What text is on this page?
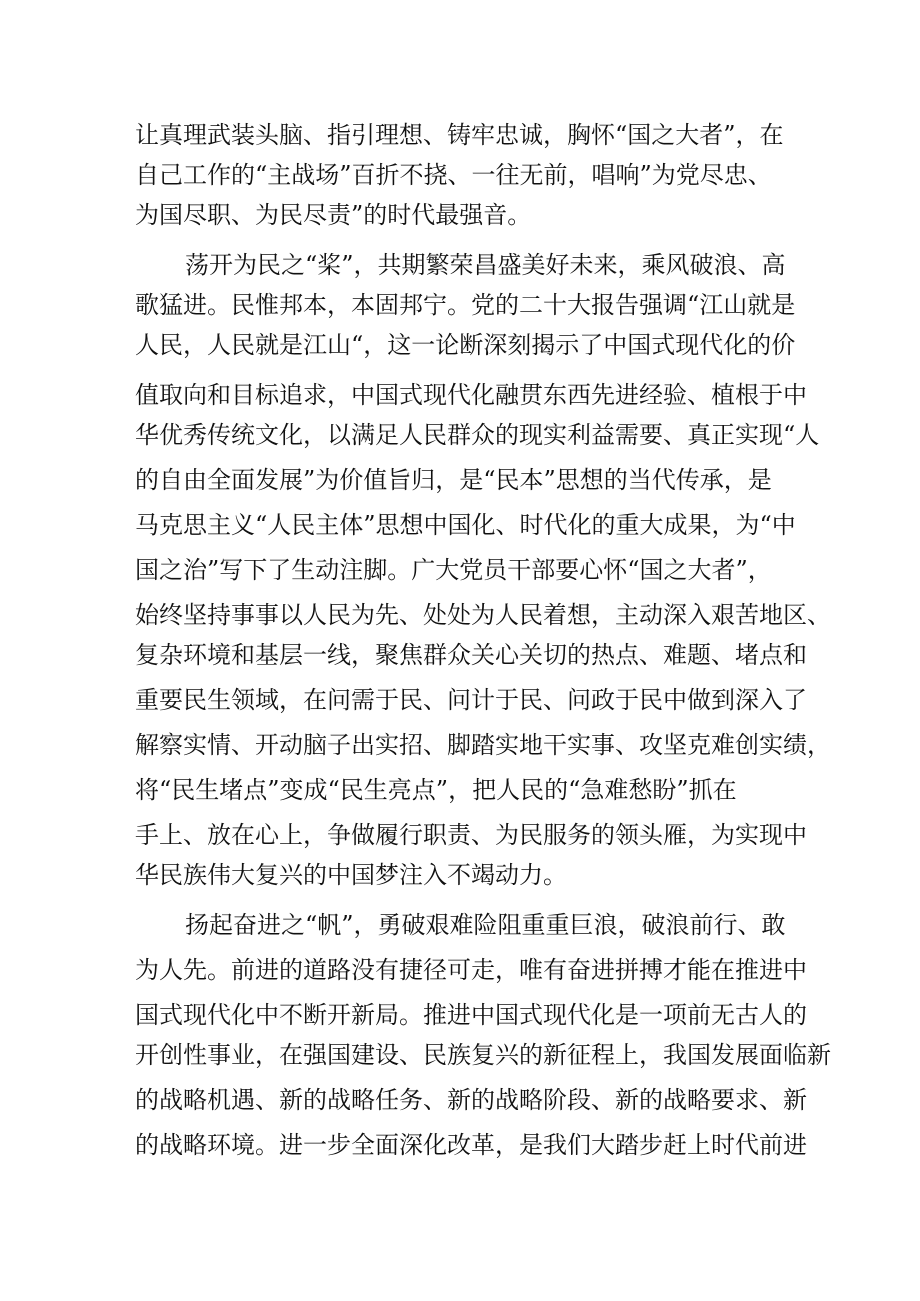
让真理武装头脑、指引理想、铸牢忠诚，胸怀“国之大者”，在

自己工作的“主战场”百折不挠、一往无前，唱响”为党尽忠、

为国尽职、为民尽责”的时代最强音。

荡开为民之“桨”，共期繁荣昌盛美好未来，乘风破浪、高

歌猛进。民惟邦本，本固邦宁。党的二十大报告强调“江山就是

人民，人民就是江山“，这一论断深刻揭示了中国式现代化的价

值取向和目标追求，中国式现代化融贯东西先进经验、植根于中

华优秀传统文化，以满足人民群众的现实利益需要、真正实现“人

的自由全面发展”为价值旨归，是“民本”思想的当代传承，是

马克思主义“人民主体”思想中国化、时代化的重大成果，为“中

国之治”写下了生动注脚。广大党员干部要心怀“国之大者”，

始终坚持事事以人民为先、处处为人民着想，主动深入艰苦地区、

复杂环境和基层一线，聚焦群众关心关切的热点、难题、堵点和

重要民生领域，在问需于民、问计于民、问政于民中做到深入了

解察实情、开动脑子出实招、脚踏实地干实事、攻坚克难创实绩，

将“民生堵点”变成“民生亮点”，把人民的“急难愁盼”抓在

手上、放在心上，争做履行职责、为民服务的领头雁，为实现中

华民族伟大复兴的中国梦注入不竭动力。

扬起奋进之“帆”，勇破艰难险阻重重巨浪，破浪前行、敢

为人先。前进的道路没有捷径可走，唯有奋进拼搏才能在推进中

国式现代化中不断开新局。推进中国式现代化是一项前无古人的

开创性事业，在强国建设、民族复兴的新征程上，我国发展面临新

的战略机遇、新的战略任务、新的战略阶段、新的战略要求、新

的战略环境。进一步全面深化改革，是我们大踏步赶上时代前进
